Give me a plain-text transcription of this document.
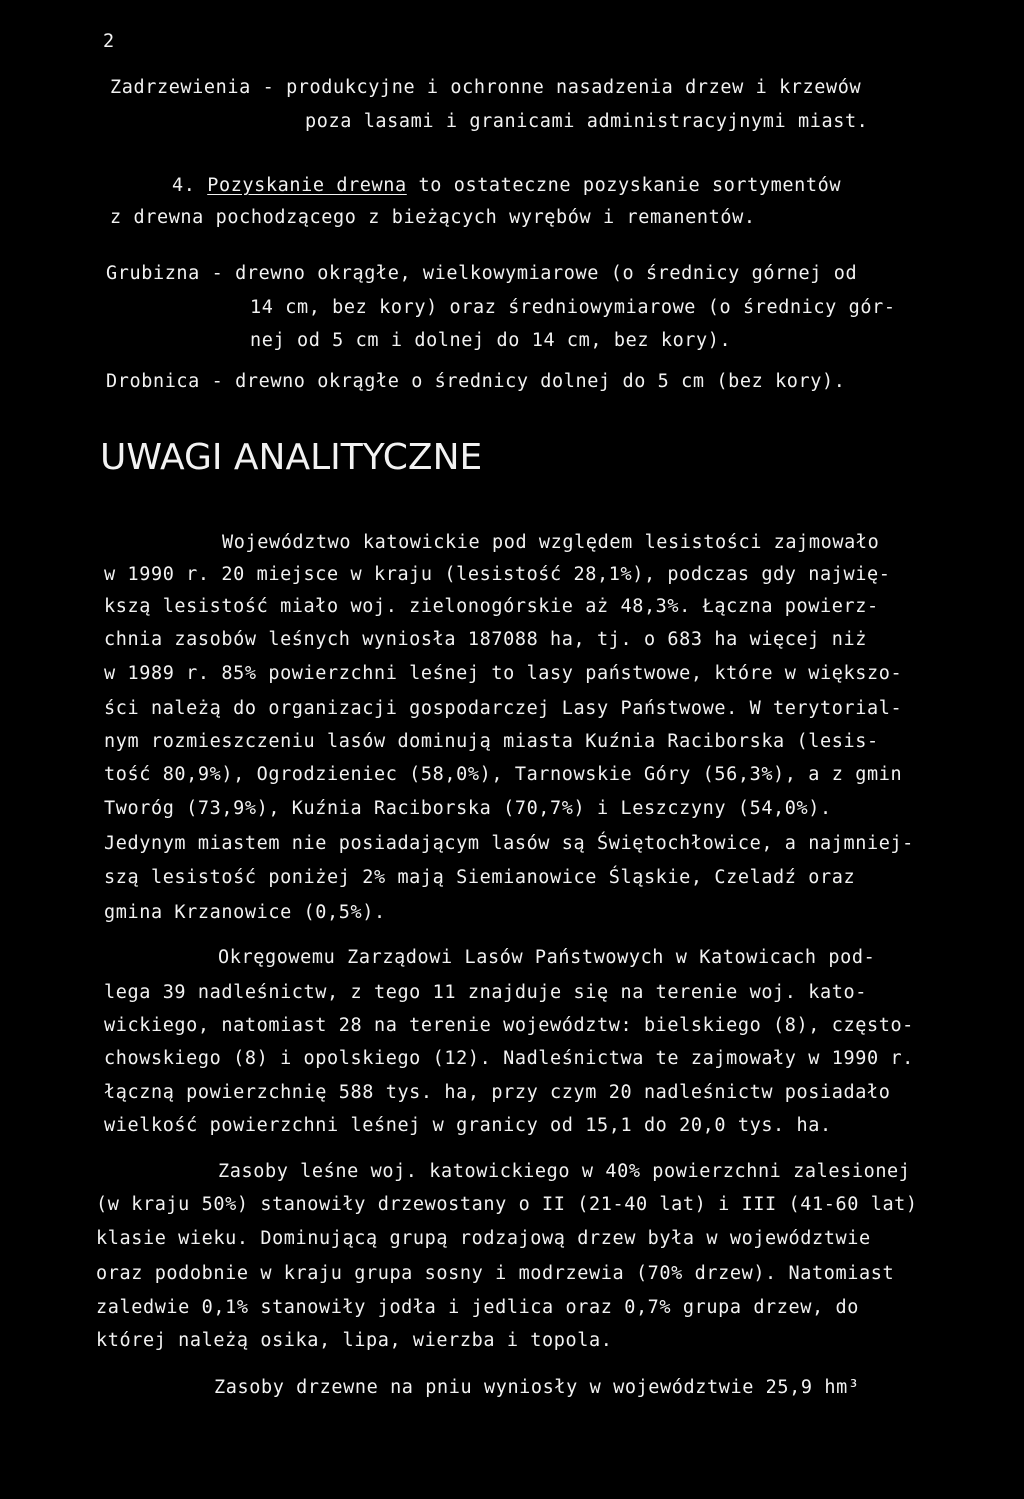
2
Zadrzewienia - produkcyjne i ochronne nasadzenia drzew i krzewów
poza lasami i granicami administracyjnymi miast.
4. Pozyskanie drewna to ostateczne pozyskanie sortymentów
z drewna pochodzącego z bieżących wyrębów i remanentów.
Grubizna - drewno okrągłe, wielkowymiarowe (o średnicy górnej od
14 cm, bez kory) oraz średniowymiarowe (o średnicy gór-
nej od 5 cm i dolnej do 14 cm, bez kory).
Drobnica - drewno okrągłe o średnicy dolnej do 5 cm (bez kory).
UWAGI ANALITYCZNE
Województwo katowickie pod względem lesistości zajmowało
w 1990 r. 20 miejsce w kraju (lesistość 28,1%), podczas gdy najwię-
kszą lesistość miało woj. zielonogórskie aż 48,3%. Łączna powierz-
chnia zasobów leśnych wyniosła 187088 ha, tj. o 683 ha więcej niż
w 1989 r. 85% powierzchni leśnej to lasy państwowe, które w większo-
ści należą do organizacji gospodarczej Lasy Państwowe. W terytorial-
nym rozmieszczeniu lasów dominują miasta Kuźnia Raciborska (lesis-
tość 80,9%), Ogrodzieniec (58,0%), Tarnowskie Góry (56,3%), a z gmin
Tworóg (73,9%), Kuźnia Raciborska (70,7%) i Leszczyny (54,0%).
Jedynym miastem nie posiadającym lasów są Świętochłowice, a najmniej-
szą lesistość poniżej 2% mają Siemianowice Śląskie, Czeladź oraz
gmina Krzanowice (0,5%).
Okręgowemu Zarządowi Lasów Państwowych w Katowicach pod-
lega 39 nadleśnictw, z tego 11 znajduje się na terenie woj. kato-
wickiego, natomiast 28 na terenie województw: bielskiego (8), często-
chowskiego (8) i opolskiego (12). Nadleśnictwa te zajmowały w 1990 r.
łączną powierzchnię 588 tys. ha, przy czym 20 nadleśnictw posiadało
wielkość powierzchni leśnej w granicy od 15,1 do 20,0 tys. ha.
Zasoby leśne woj. katowickiego w 40% powierzchni zalesionej
(w kraju 50%) stanowiły drzewostany o II (21-40 lat) i III (41-60 lat)
klasie wieku. Dominującą grupą rodzajową drzew była w województwie
oraz podobnie w kraju grupa sosny i modrzewia (70% drzew). Natomiast
zaledwie 0,1% stanowiły jodła i jedlica oraz 0,7% grupa drzew, do
której należą osika, lipa, wierzba i topola.
Zasoby drzewne na pniu wyniosły w województwie 25,9 hm³
